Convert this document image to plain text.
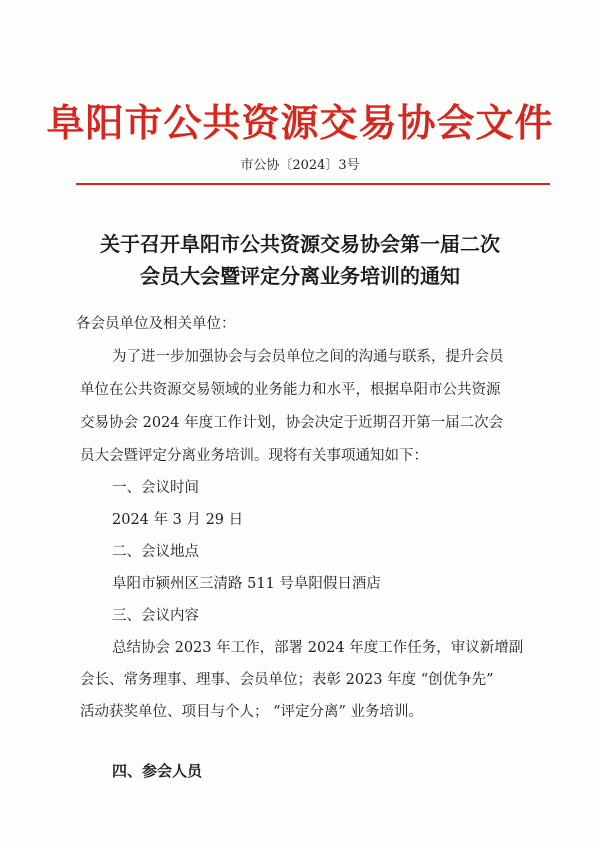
阜阳市公共资源交易协会文件
市公协〔2024〕3号
关于召开阜阳市公共资源交易协会第一届二次
会员大会暨评定分离业务培训的通知
各会员单位及相关单位：
为了进一步加强协会与会员单位之间的沟通与联系，提升会员
单位在公共资源交易领域的业务能力和水平，根据阜阳市公共资源
交易协会 2024 年度工作计划，协会决定于近期召开第一届二次会
员大会暨评定分离业务培训。现将有关事项通知如下：
一、会议时间
2024 年 3 月 29 日
二、会议地点
阜阳市颍州区三清路 511 号阜阳假日酒店
三、会议内容
总结协会 2023 年工作，部署 2024 年度工作任务，审议新增副
会长、常务理事、理事、会员单位；表彰 2023 年度 “创优争先”
活动获奖单位、项目与个人； “评定分离” 业务培训。
四、参会人员
